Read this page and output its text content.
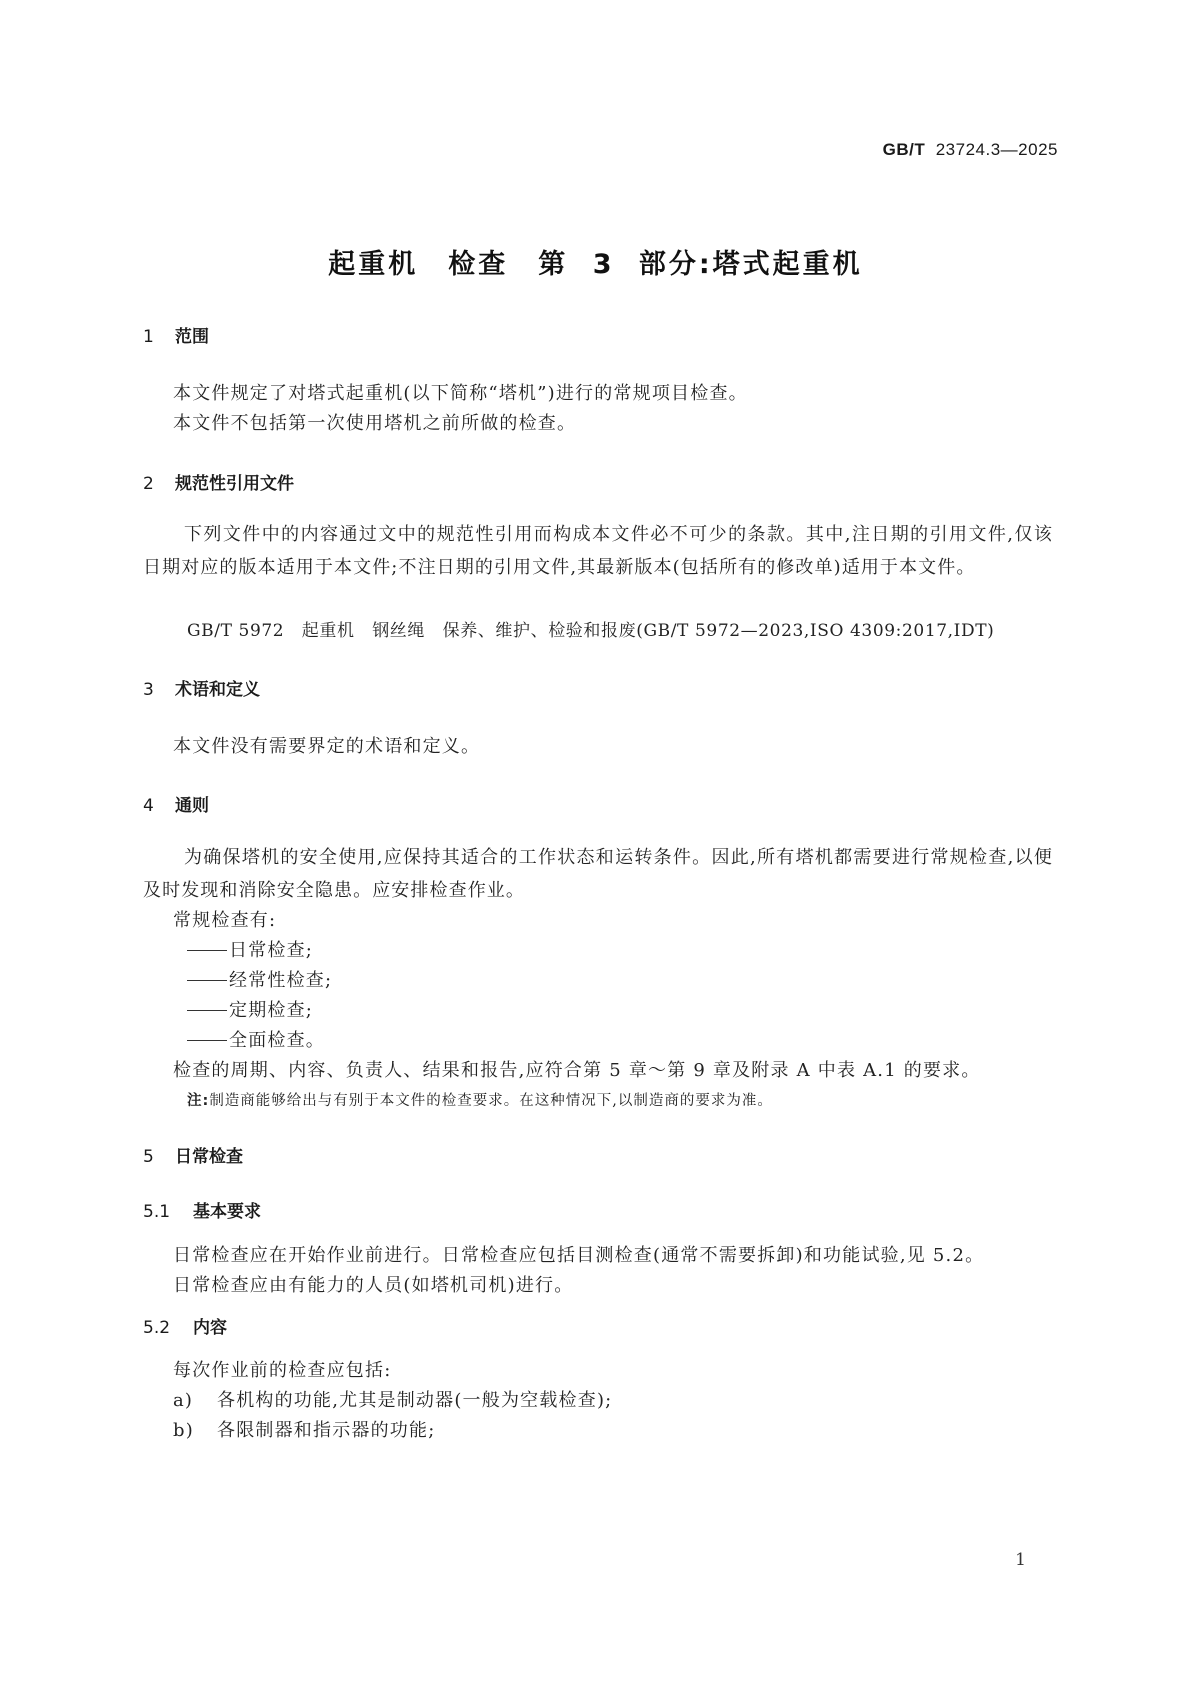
GB/T 23724.3—2025
起重机　检查　第 3 部分:塔式起重机
1 范围
本文件规定了对塔式起重机(以下简称“塔机”)进行的常规项目检查。
本文件不包括第一次使用塔机之前所做的检查。
2 规范性引用文件
下列文件中的内容通过文中的规范性引用而构成本文件必不可少的条款。其中,注日期的引用文件,仅该日期对应的版本适用于本文件;不注日期的引用文件,其最新版本(包括所有的修改单)适用于本文件。
GB/T 5972　起重机　钢丝绳　保养、维护、检验和报废(GB/T 5972—2023,ISO 4309:2017,IDT)
3 术语和定义
本文件没有需要界定的术语和定义。
4 通则
为确保塔机的安全使用,应保持其适合的工作状态和运转条件。因此,所有塔机都需要进行常规检查,以便及时发现和消除安全隐患。应安排检查作业。
常规检查有:
日常检查;
经常性检查;
定期检查;
全面检查。
检查的周期、内容、负责人、结果和报告,应符合第 5 章～第 9 章及附录 A 中表 A.1 的要求。
注:制造商能够给出与有别于本文件的检查要求。在这种情况下,以制造商的要求为准。
5 日常检查
5.1 基本要求
日常检查应在开始作业前进行。日常检查应包括目测检查(通常不需要拆卸)和功能试验,见 5.2。
日常检查应由有能力的人员(如塔机司机)进行。
5.2 内容
每次作业前的检查应包括:
a) 各机构的功能,尤其是制动器(一般为空载检查);
b) 各限制器和指示器的功能;
1
